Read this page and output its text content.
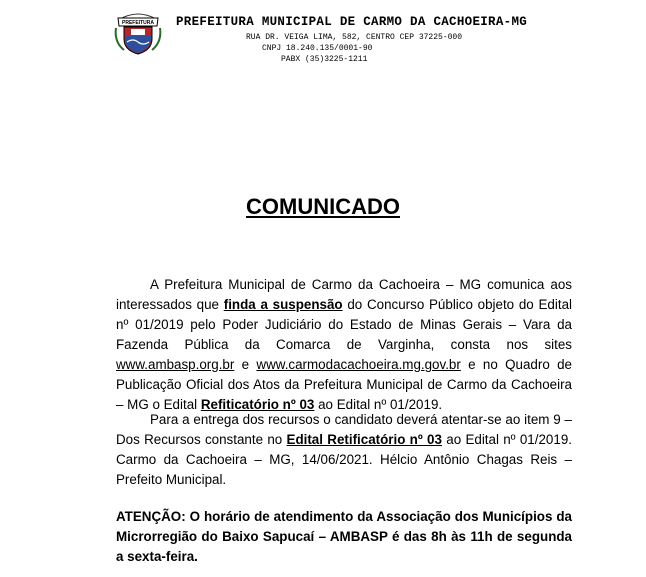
PREFEITURA PREFEITURA MUNICIPAL DE CARMO DA CACHOEIRA-MG
RUA DR. VEIGA LIMA, 582, CENTRO CEP 37225-000
CNPJ 18.240.135/0001-90
PABX (35)3225-1211
COMUNICADO

A Prefeitura Municipal de Carmo da Cachoeira – MG comunica aos interessados que finda a suspensão do Concurso Público objeto do Edital nº 01/2019 pelo Poder Judiciário do Estado de Minas Gerais – Vara da Fazenda Pública da Comarca de Varginha, consta nos sites www.ambasp.org.br e www.carmodacachoeira.mg.gov.br e no Quadro de Publicação Oficial dos Atos da Prefeitura Municipal de Carmo da Cachoeira – MG o Edital Refiticatório nº 03 ao Edital nº 01/2019.

Para a entrega dos recursos o candidato deverá atentar-se ao item 9 – Dos Recursos constante no Edital Retificatório nº 03 ao Edital nº 01/2019. Carmo da Cachoeira – MG, 14/06/2021. Hélcio Antônio Chagas Reis – Prefeito Municipal.

ATENÇÃO: O horário de atendimento da Associação dos Municípios da Microrregião do Baixo Sapucaí – AMBASP é das 8h às 11h de segunda a sexta-feira.
